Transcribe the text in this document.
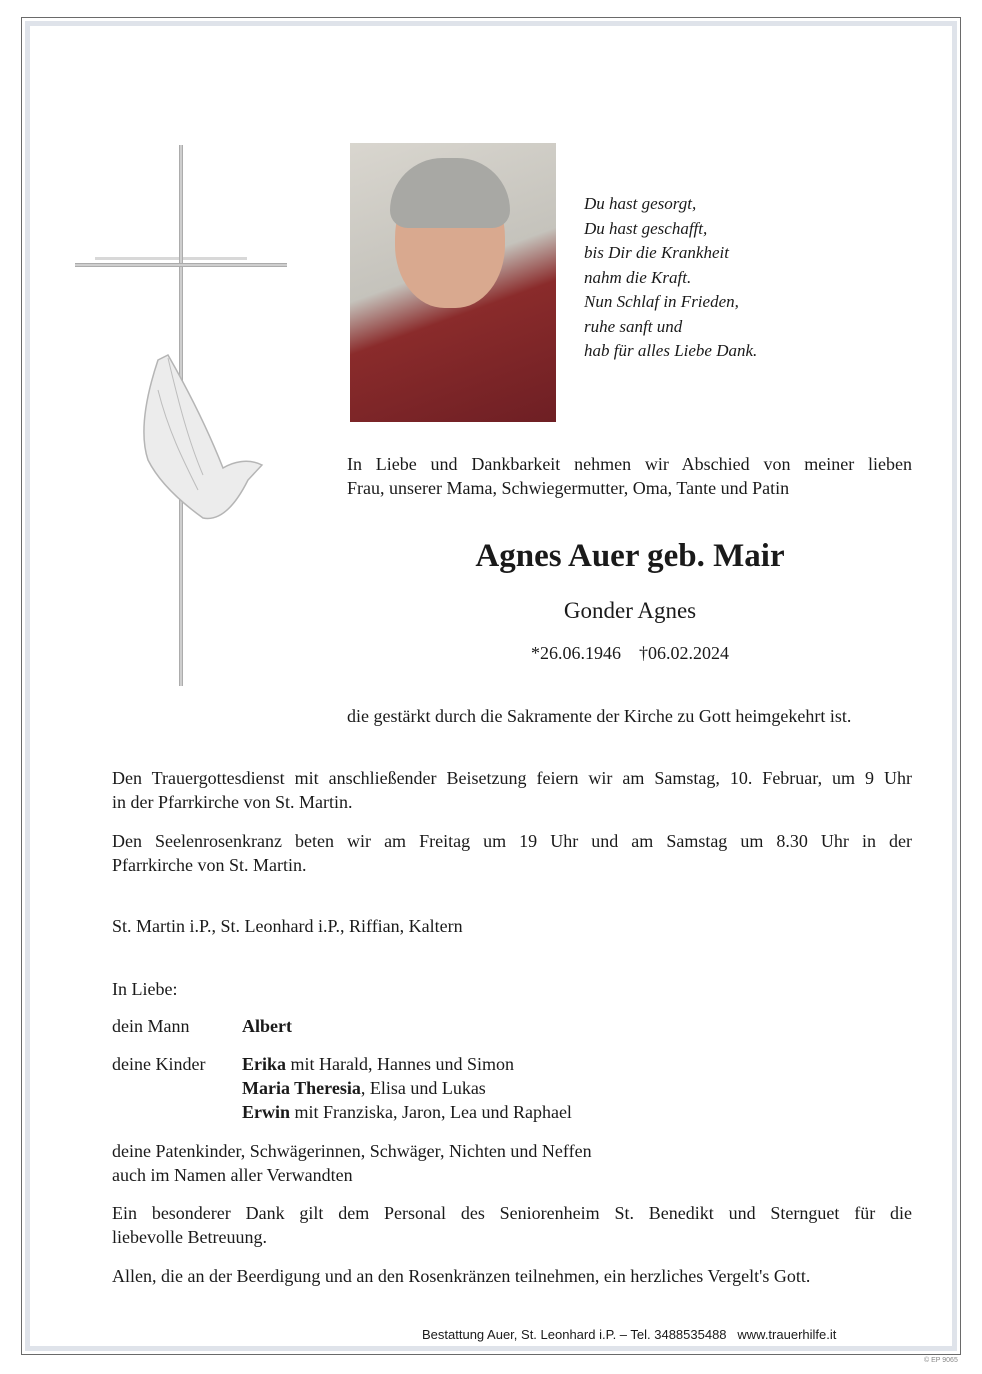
Du hast gesorgt,
Du hast geschafft,
bis Dir die Krankheit
nahm die Kraft.
Nun Schlaf in Frieden,
ruhe sanft und
hab für alles Liebe Dank.
In Liebe und Dankbarkeit nehmen wir Abschied von meiner lieben
Frau, unserer Mama, Schwiegermutter, Oma, Tante und Patin
Agnes Auer geb. Mair
Gonder Agnes
*26.06.1946 †06.02.2024
die gestärkt durch die Sakramente der Kirche zu Gott heimgekehrt ist.
Den Trauergottesdienst mit anschließender Beisetzung feiern wir am Samstag, 10. Februar, um 9 Uhr
in der Pfarrkirche von St. Martin.
Den Seelenrosenkranz beten wir am Freitag um 19 Uhr und am Samstag um 8.30 Uhr in der
Pfarrkirche von St. Martin.
St. Martin i.P., St. Leonhard i.P., Riffian, Kaltern
In Liebe:
dein Mann	Albert
deine Kinder Erika mit Harald, Hannes und Simon
Maria Theresia, Elisa und Lukas
Erwin mit Franziska, Jaron, Lea und Raphael
deine Patenkinder, Schwägerinnen, Schwäger, Nichten und Neffen
auch im Namen aller Verwandten
Ein besonderer Dank gilt dem Personal des Seniorenheim St. Benedikt und Sternguet für die
liebevolle Betreuung.
Allen, die an der Beerdigung und an den Rosenkränzen teilnehmen, ein herzliches Vergelt's Gott.
Bestattung Auer, St. Leonhard i.P. – Tel. 3488535488   www.trauerhilfe.it
© EP 9065
